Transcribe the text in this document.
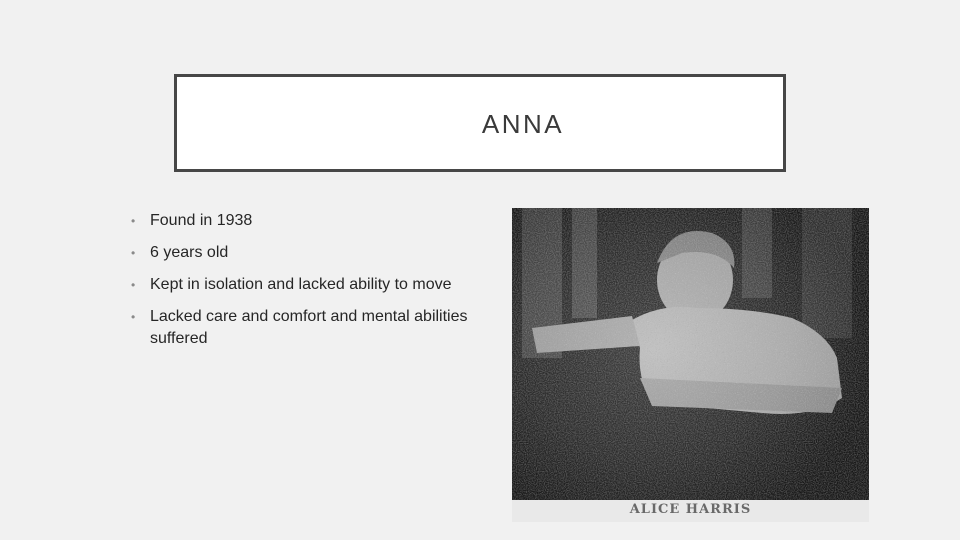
ANNA
• Found in 1938
• 6 years old
• Kept in isolation and lacked ability to move
• Lacked care and comfort and mental abilities suffered
ALICE HARRIS
